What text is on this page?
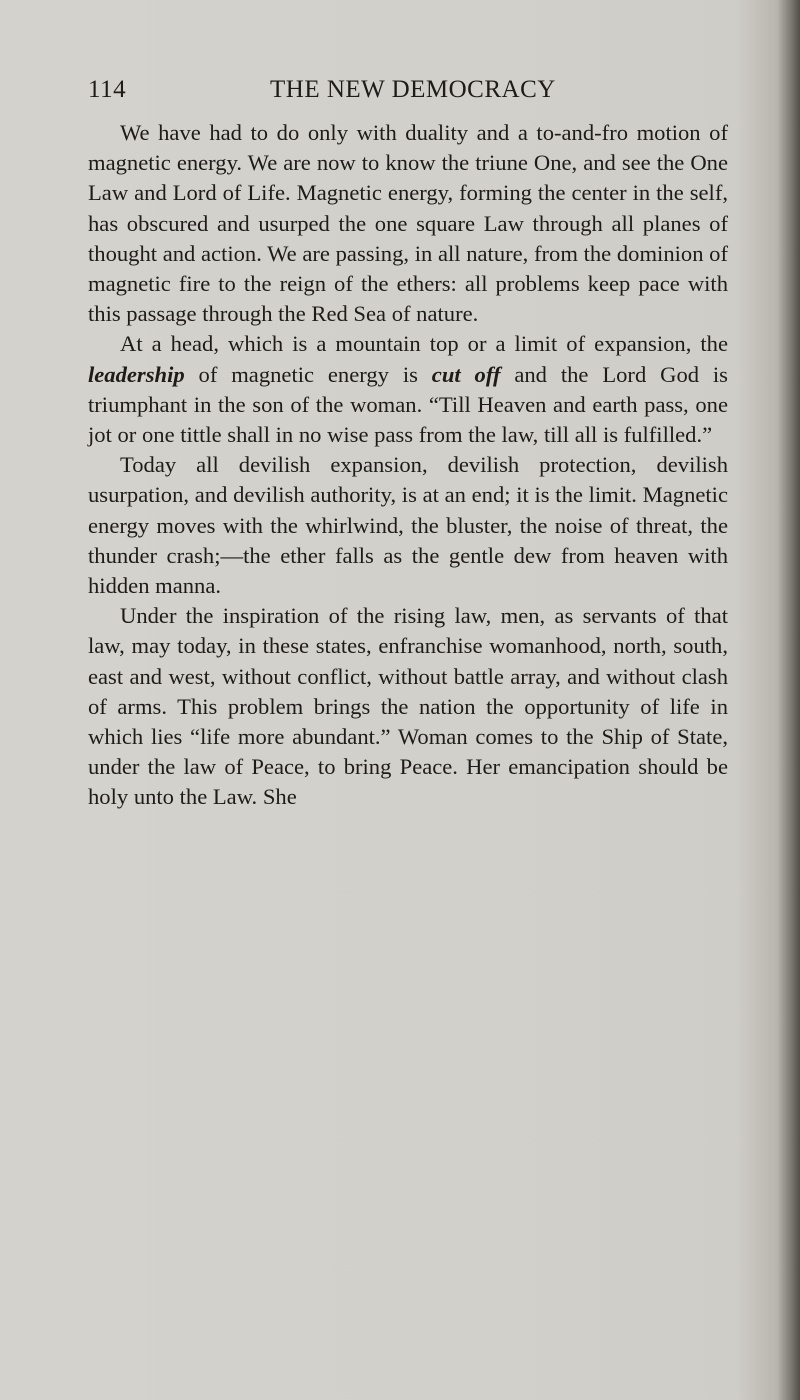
114	THE NEW DEMOCRACY

We have had to do only with duality and a to-and-fro motion of magnetic energy. We are now to know the triune One, and see the One Law and Lord of Life. Magnetic energy, forming the center in the self, has obscured and usurped the one square Law through all planes of thought and action. We are passing, in all nature, from the dominion of magnetic fire to the reign of the ethers: all problems keep pace with this passage through the Red Sea of nature.

At a head, which is a mountain top or a limit of expansion, the leadership of magnetic energy is cut off and the Lord God is triumphant in the son of the woman. “Till Heaven and earth pass, one jot or one tittle shall in no wise pass from the law, till all is fulfilled.”

Today all devilish expansion, devilish protection, devilish usurpation, and devilish authority, is at an end; it is the limit. Magnetic energy moves with the whirlwind, the bluster, the noise of threat, the thunder crash;—the ether falls as the gentle dew from heaven with hidden manna.

Under the inspiration of the rising law, men, as servants of that law, may today, in these states, enfranchise womanhood, north, south, east and west, without conflict, without battle array, and without clash of arms. This problem brings the nation the opportunity of life in which lies “life more abundant.” Woman comes to the Ship of State, under the law of Peace, to bring Peace. Her emancipation should be holy unto the Law. She
